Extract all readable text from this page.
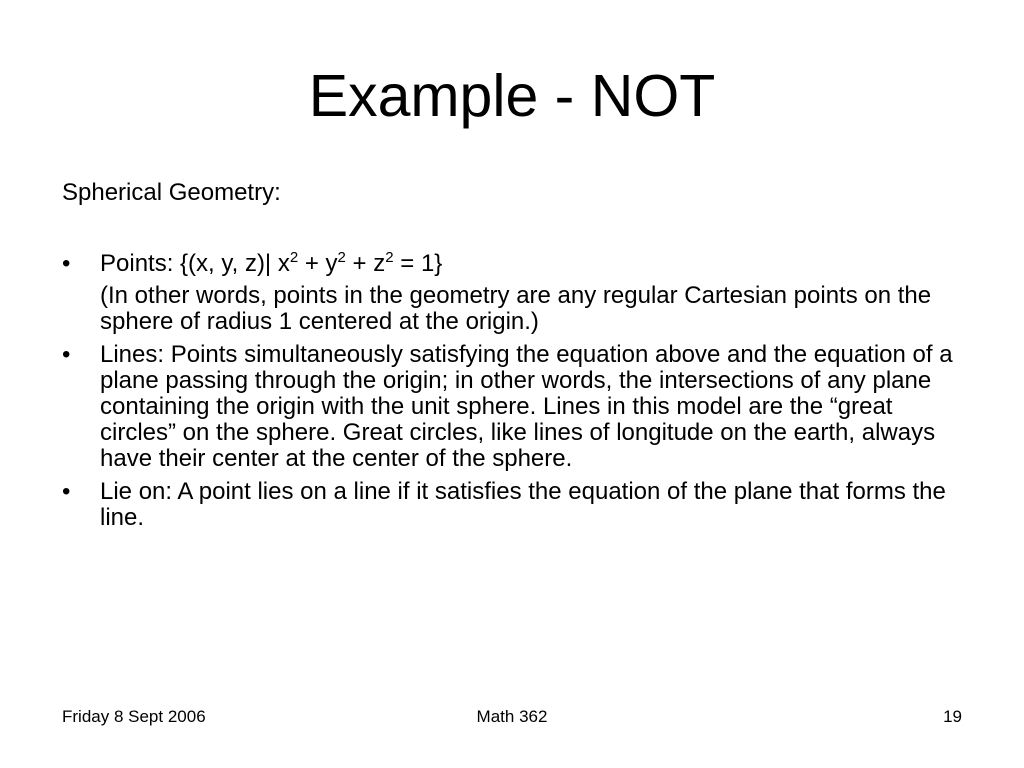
Example - NOT

Spherical Geometry:

• Points: {(x, y, z)| $x^2 + y^2 + z^2 = 1$}

(In other words, points in the geometry are any regular Cartesian points on the sphere of radius 1 centered at the origin.)

• Lines: Points simultaneously satisfying the equation above and the equation of a plane passing through the origin; in other words, the intersections of any plane containing the origin with the unit sphere. Lines in this model are the “great circles” on the sphere. Great circles, like lines of longitude on the earth, always have their center at the center of the sphere.
• Lie on: A point lies on a line if it satisfies the equation of the plane that forms the line.
Friday 8 Sept 2006	Math 362	19
